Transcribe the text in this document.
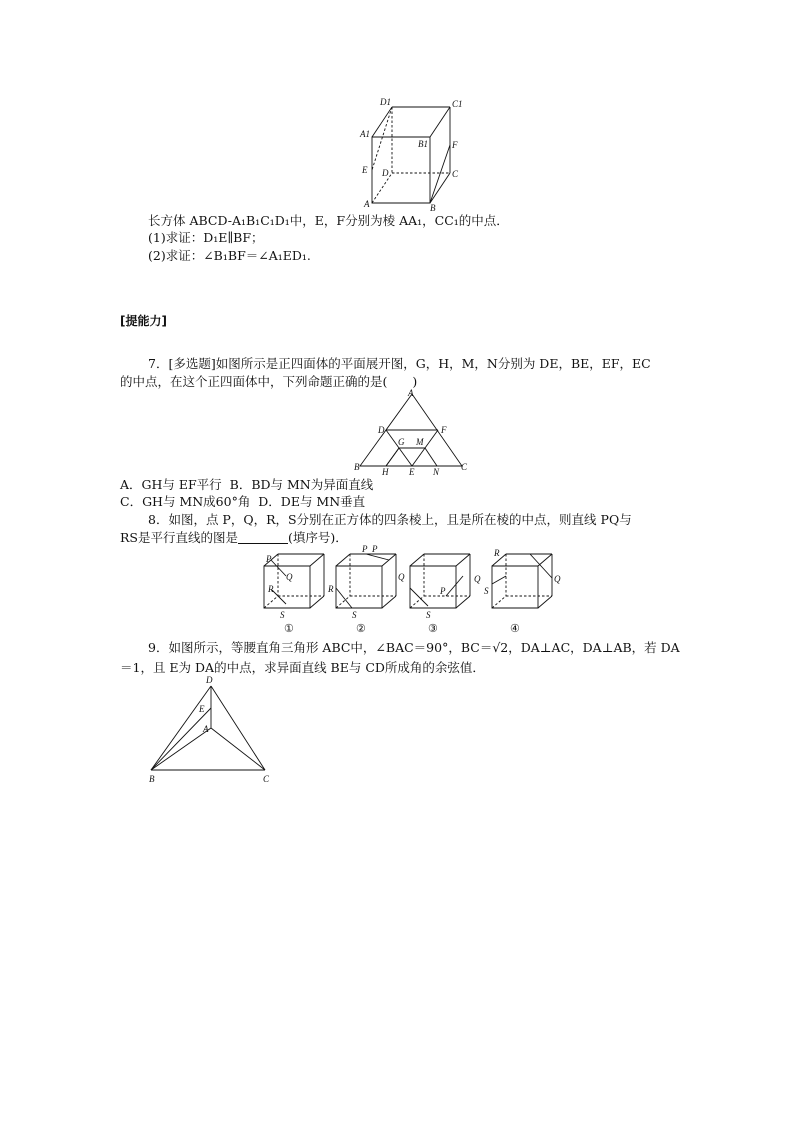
D1	C1
A1
B1	F
E D	C
A	B
长方体 ABCD-A₁B₁C₁D₁中，E，F分别为棱 AA₁，CC₁的中点．
(1)求证：D₁E∥BF；
(2)求证：∠B₁BF＝∠A₁ED₁.
[提能力]
7．[多选题]如图所示是正四面体的平面展开图，G，H，M，N分别为 DE，BE，EF，EC
的中点，在这个正四面体中，下列命题正确的是(　　)
A
D	F
G M
B	H E N C
A．GH与 EF平行 B．BD与 MN为异面直线
C．GH与 MN成60°角 D．DE与 MN垂直
8．如图，点 P，Q，R，S分别在正方体的四条棱上，且是所在棱的中点，则直线 PQ与
RS是平行直线的图是	(填序号)．
P
Q
R
S
①
P
Q
R
S
②
P
Q
P
S
③
R
Q
S
④
9．如图所示，等腰直角三角形 ABC中，∠BAC＝90°，BC＝√2，DA⊥AC，DA⊥AB，若 DA
＝1，且 E为 DA的中点，求异面直线 BE与 CD所成角的余弦值．
D
E
A
B	C
